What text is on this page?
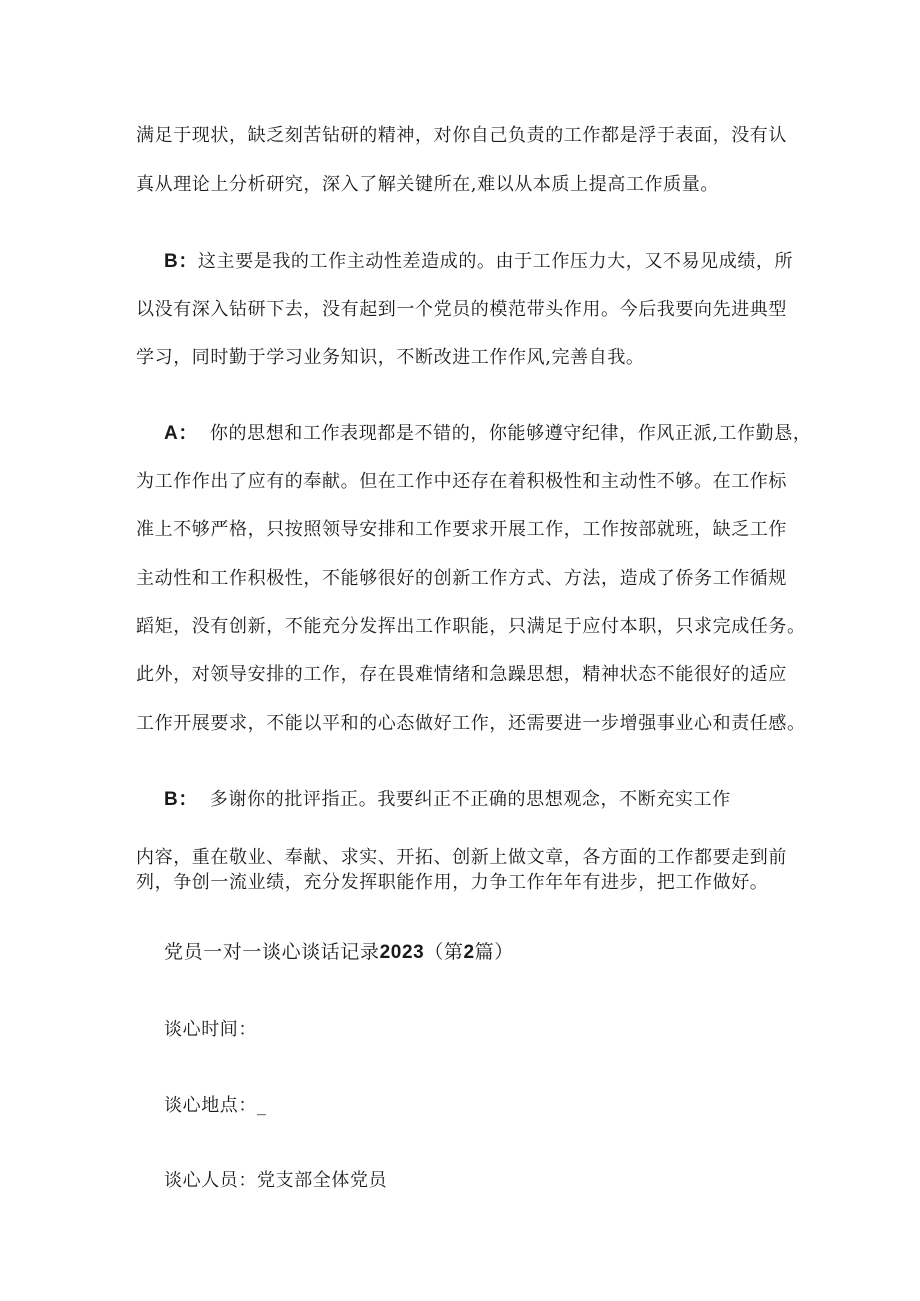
满足于现状，缺乏刻苦钻研的精神，对你自己负责的工作都是浮于表面，没有认
真从理论上分析研究，深入了解关键所在,难以从本质上提高工作质量。
B：这主要是我的工作主动性差造成的。由于工作压力大，又不易见成绩，所
以没有深入钻研下去，没有起到一个党员的模范带头作用。今后我要向先进典型
学习，同时勤于学习业务知识，不断改进工作作风,完善自我。
A： 你的思想和工作表现都是不错的，你能够遵守纪律，作风正派,工作勤恳，
为工作作出了应有的奉献。但在工作中还存在着积极性和主动性不够。在工作标
准上不够严格，只按照领导安排和工作要求开展工作，工作按部就班，缺乏工作
主动性和工作积极性，不能够很好的创新工作方式、方法，造成了侨务工作循规
蹈矩，没有创新，不能充分发挥出工作职能，只满足于应付本职，只求完成任务。
此外，对领导安排的工作，存在畏难情绪和急躁思想，精神状态不能很好的适应
工作开展要求，不能以平和的心态做好工作，还需要进一步增强事业心和责任感。
B： 多谢你的批评指正。我要纠正不正确的思想观念，不断充实工作
内容，重在敬业、奉献、求实、开拓、创新上做文章，各方面的工作都要走到前
列，争创一流业绩，充分发挥职能作用，力争工作年年有进步，把工作做好。
党员一对一谈心谈话记录2023（第2篇）
谈心时间：
谈心地点：_
谈心人员：党支部全体党员
